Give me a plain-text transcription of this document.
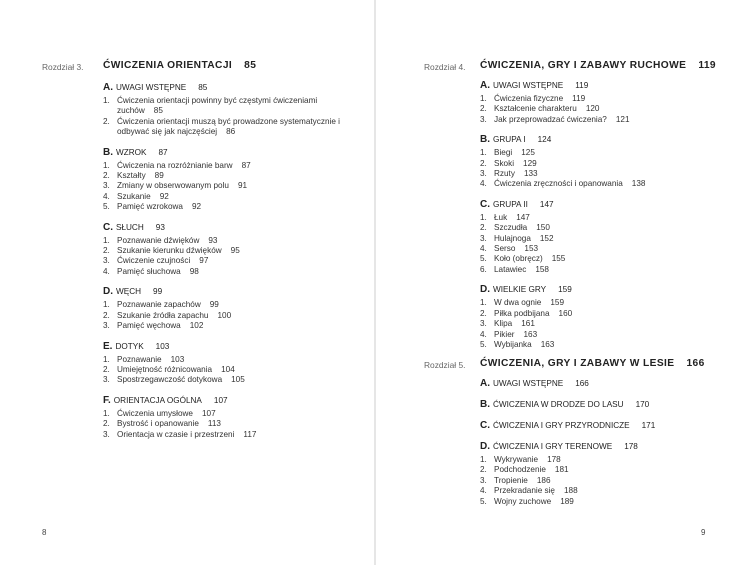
Rozdział 3. ĆWICZENIA ORIENTACJI 85
A. UWAGI WSTĘPNE 85
1. Ćwiczenia orientacji powinny być częstymi ćwiczeniami zuchów 85
2. Ćwiczenia orientacji muszą być prowadzone systematycznie i odbywać się jak najczęściej 86
B. WZROK 87
1. Ćwiczenia na rozróżnianie barw 87
2. Kształty 89
3. Zmiany w obserwowanym polu 91
4. Szukanie 92
5. Pamięć wzrokowa 92
C. SŁUCH 93
1. Poznawanie dźwięków 93
2. Szukanie kierunku dźwięków 95
3. Ćwiczenie czujności 97
4. Pamięć słuchowa 98
D. WĘCH 99
1. Poznawanie zapachów 99
2. Szukanie źródła zapachu 100
3. Pamięć węchowa 102
E. DOTYK 103
1. Poznawanie 103
2. Umiejętność różnicowania 104
3. Spostrzegawczość dotykowa 105
F. ORIENTACJA OGÓLNA 107
1. Ćwiczenia umysłowe 107
2. Bystrość i opanowanie 113
3. Orientacja w czasie i przestrzeni 117
8
Rozdział 4. ĆWICZENIA, GRY I ZABAWY RUCHOWE 119
A. UWAGI WSTĘPNE 119
1. Ćwiczenia fizyczne 119
2. Kształcenie charakteru 120
3. Jak przeprowadzać ćwiczenia? 121
B. GRUPA I 124
1. Biegi 125
2. Skoki 129
3. Rzuty 133
4. Ćwiczenia zręczności i opanowania 138
C. GRUPA II 147
1. Łuk 147
2. Szczudła 150
3. Hulajnoga 152
4. Serso 153
5. Koło (obręcz) 155
6. Latawiec 158
D. WIELKIE GRY 159
1. W dwa ognie 159
2. Piłka podbijana 160
3. Klipa 161
4. Pikier 163
5. Wybijanka 163
Rozdział 5. ĆWICZENIA, GRY I ZABAWY W LESIE 166
A. UWAGI WSTĘPNE 166
B. ĆWICZENIA W DRODZE DO LASU 170
C. ĆWICZENIA I GRY PRZYRODNICZE 171
D. ĆWICZENIA I GRY TERENOWE 178
1. Wykrywanie 178
2. Podchodzenie 181
3. Tropienie 186
4. Przekradanie się 188
5. Wojny zuchowe 189
9
